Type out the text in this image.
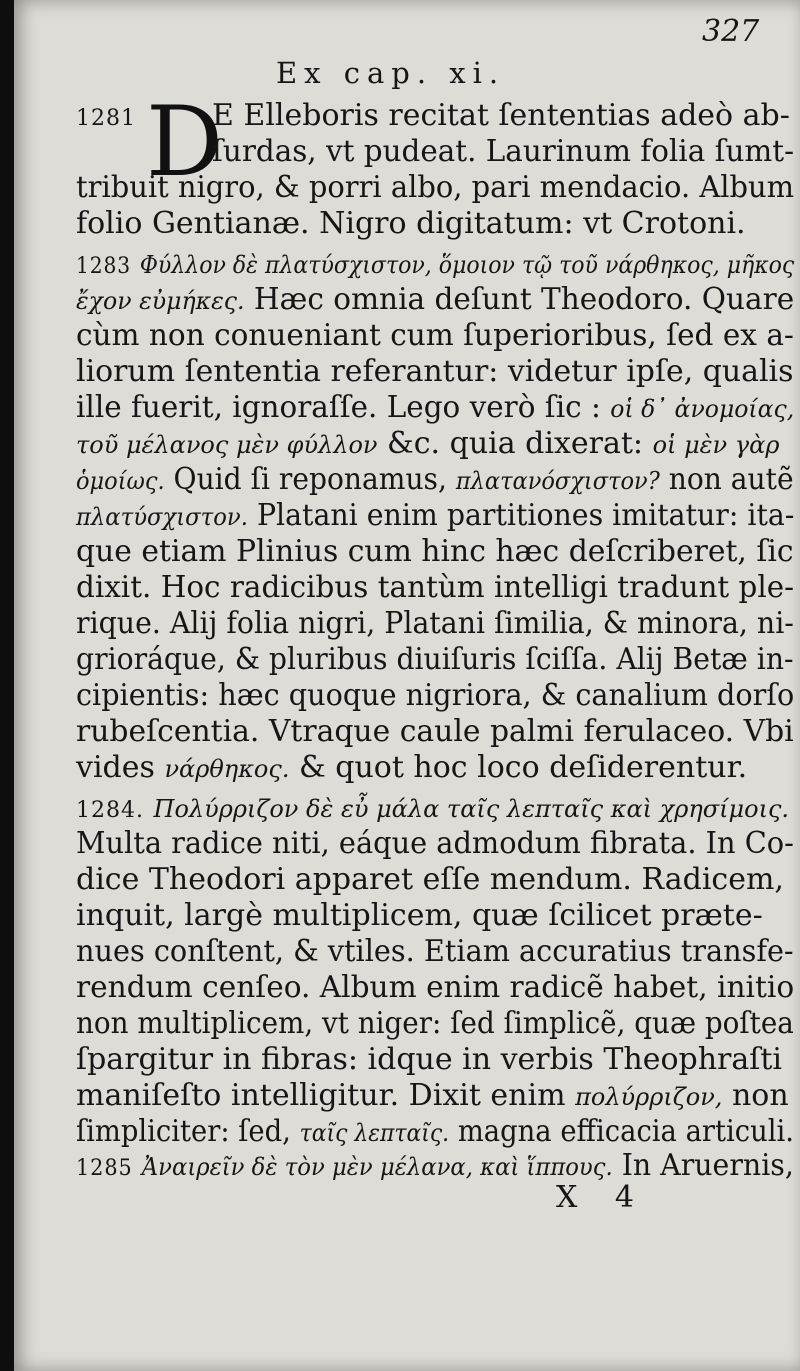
327
Ex cap. xi.
1281 D
E Elleboris recitat ſententias adeò ab-
ſurdas, vt pudeat. Laurinum folia ſumt-
tribuit nigro, & porri albo, pari mendacio. Album
folio Gentianæ. Nigro digitatum: vt Crotoni.
1283 Φύλλον δὲ πλατύσχιστον, ὅμοιον τῷ τοῦ νάρθηκος, μῆκος
ἔχον εὐμήκες. Hæc omnia deſunt Theodoro. Quare
cùm non conueniant cum ſuperioribus, ſed ex a-
liorum ſententia referantur: videtur ipſe, qualis
ille fuerit, ignoraſſe. Lego verò ſic : οἱ δ᾽ ἀνομοίας,
τοῦ μέλανος μὲν φύλλον &c. quia dixerat: οἱ μὲν γὰρ
ὁμοίως. Quid ſi reponamus, πλατανόσχιστον? non autẽ
πλατύσχιστον. Platani enim partitiones imitatur: ita-
que etiam Plinius cum hinc hæc deſcriberet, ſic
dixit. Hoc radicibus tantùm intelligi tradunt ple-
rique. Alij folia nigri, Platani ſimilia, & minora, ni-
grioráque, & pluribus diuiſuris ſciſſa. Alij Betæ in-
cipientis: hæc quoque nigriora, & canalium dorſo
rubeſcentia. Vtraque caule palmi ferulaceo. Vbi
vides νάρθηκος. & quot hoc loco deſiderentur.
1284. Πολύρριζον δὲ εὖ μάλα ταῖς λεπταῖς καὶ χρησίμοις.
Multa radice niti, eáque admodum fibrata. In Co-
dice Theodori apparet eſſe mendum. Radicem,
inquit, largè multiplicem, quæ ſcilicet præte-
nues conſtent, & vtiles. Etiam accuratius transfe-
rendum cenſeo. Album enim radicẽ habet, initio
non multiplicem, vt niger: ſed ſimplicẽ, quæ poſtea
ſpargitur in fibras: idque in verbis Theophraſti
maniſeſto intelligitur. Dixit enim πολύρριζον, non
ſimpliciter: ſed, ταῖς λεπταῖς. magna efficacia articuli.
1285 Ἀναιρεῖν δὲ τὸν μὲν μέλανα, καὶ ἵππους. In Aruernis,
X 4
